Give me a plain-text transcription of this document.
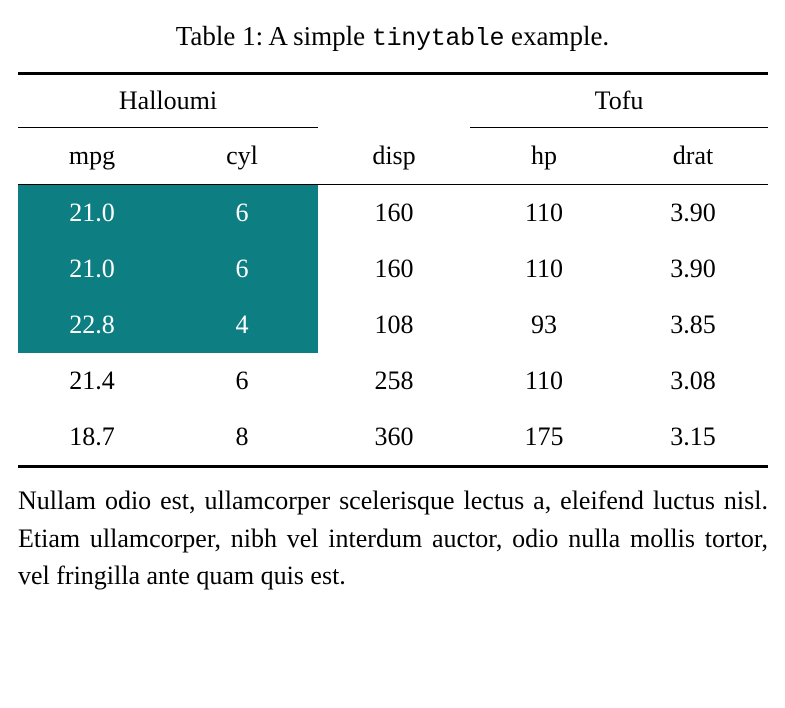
Table 1: A simple tinytable example.

Halloumi			Tofu	
mpg	cyl	disp	hp	drat

21.0	6	160	110	3.90
21.0	6	160	110	3.90
22.8	4	108	93	3.85
21.4	6	258	110	3.08
18.7	8	360	175	3.15

Nullam odio est, ullamcorper scelerisque lectus a, eleifend luctus nisl. Etiam ullamcorper, nibh vel interdum auctor, odio nulla mollis tortor, vel fringilla ante quam quis est.
